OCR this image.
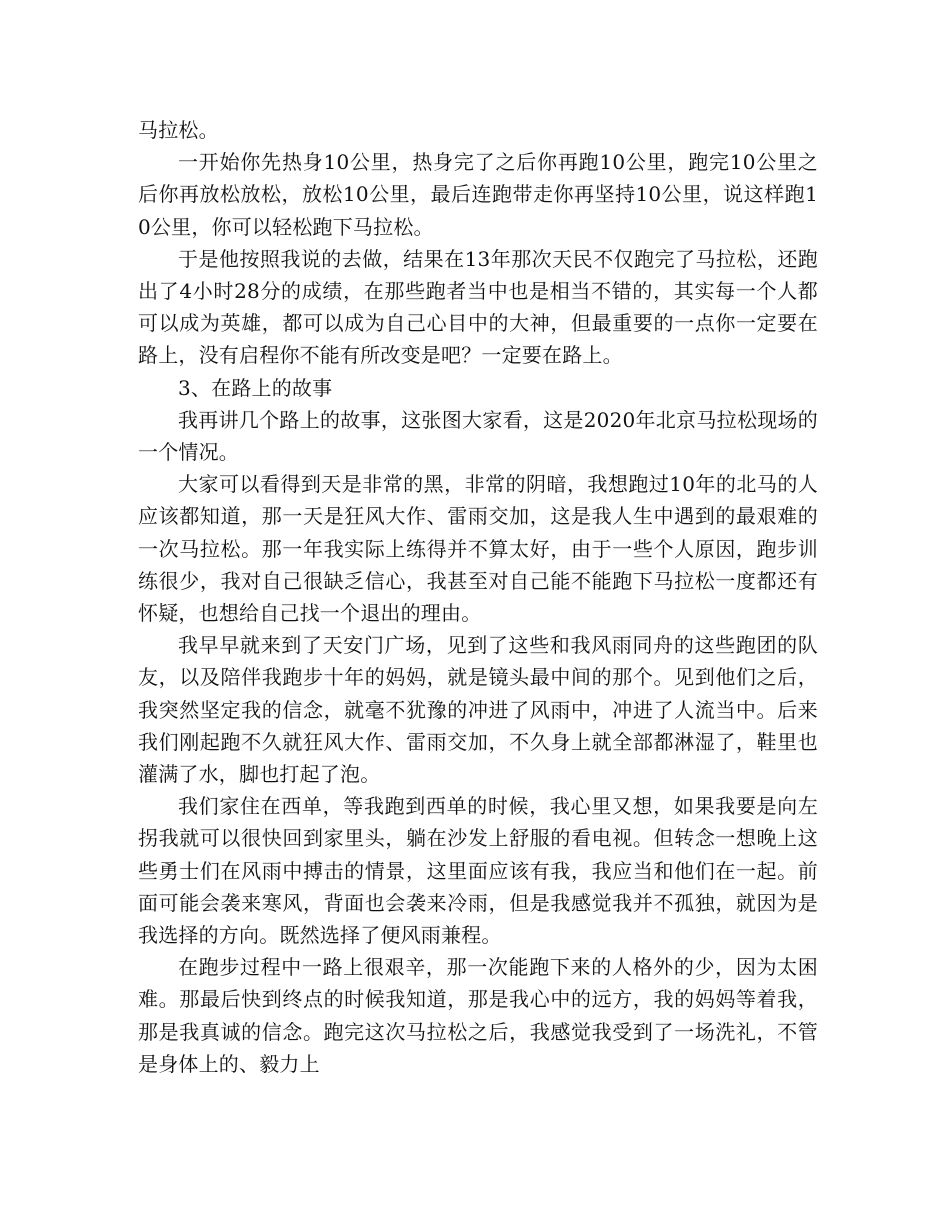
马拉松。

一开始你先热身10公里，热身完了之后你再跑10公里，跑完10公里之后你再放松放松，放松10公里，最后连跑带走你再坚持10公里，说这样跑10公里，你可以轻松跑下马拉松。

于是他按照我说的去做，结果在13年那次天民不仅跑完了马拉松，还跑出了4小时28分的成绩，在那些跑者当中也是相当不错的，其实每一个人都可以成为英雄，都可以成为自己心目中的大神，但最重要的一点你一定要在路上，没有启程你不能有所改变是吧？一定要在路上。

3、在路上的故事

我再讲几个路上的故事，这张图大家看，这是2020年北京马拉松现场的一个情况。

大家可以看得到天是非常的黑，非常的阴暗，我想跑过10年的北马的人应该都知道，那一天是狂风大作、雷雨交加，这是我人生中遇到的最艰难的一次马拉松。那一年我实际上练得并不算太好，由于一些个人原因，跑步训练很少，我对自己很缺乏信心，我甚至对自己能不能跑下马拉松一度都还有怀疑，也想给自己找一个退出的理由。

我早早就来到了天安门广场，见到了这些和我风雨同舟的这些跑团的队友，以及陪伴我跑步十年的妈妈，就是镜头最中间的那个。见到他们之后，我突然坚定我的信念，就毫不犹豫的冲进了风雨中，冲进了人流当中。后来我们刚起跑不久就狂风大作、雷雨交加，不久身上就全部都淋湿了，鞋里也灌满了水，脚也打起了泡。

我们家住在西单，等我跑到西单的时候，我心里又想，如果我要是向左拐我就可以很快回到家里头，躺在沙发上舒服的看电视。但转念一想晚上这些勇士们在风雨中搏击的情景，这里面应该有我，我应当和他们在一起。前面可能会袭来寒风，背面也会袭来冷雨，但是我感觉我并不孤独，就因为是我选择的方向。既然选择了便风雨兼程。

在跑步过程中一路上很艰辛，那一次能跑下来的人格外的少，因为太困难。那最后快到终点的时候我知道，那是我心中的远方，我的妈妈等着我，那是我真诚的信念。跑完这次马拉松之后，我感觉我受到了一场洗礼，不管是身体上的、毅力上
